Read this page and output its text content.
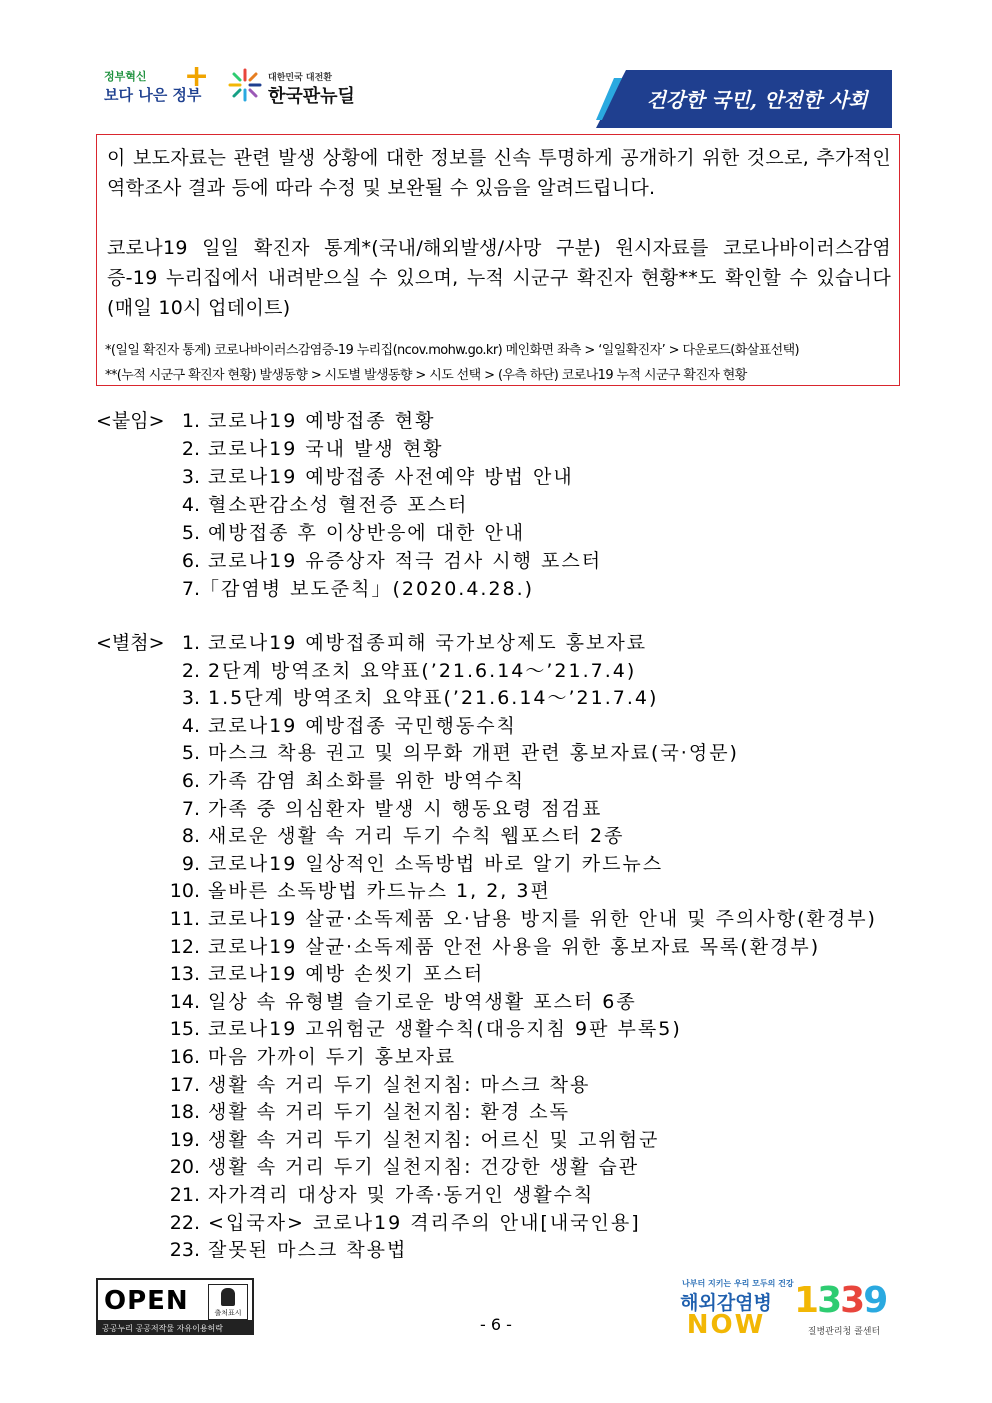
정부혁신
보다 나은 정부
+	대한민국 대전환
한국판뉴딜	건강한 국민, 안전한 사회

이 보도자료는 관련 발생 상황에 대한 정보를 신속 투명하게 공개하기 위한 것으로, 추가적인 역학조사 결과 등에 따라 수정 및 보완될 수 있음을 알려드립니다.

코로나19 일일 확진자 통계*(국내/해외발생/사망 구분) 원시자료를 코로나바이러스감염증-19 누리집에서 내려받으실 수 있으며, 누적 시군구 확진자 현황**도 확인할 수 있습니다(매일 10시 업데이트)

*(일일 확진자 통계) 코로나바이러스감염증-19 누리집(ncov.mohw.go.kr) 메인화면 좌측 > ‘일일확진자’ > 다운로드(화살표선택)
**(누적 시군구 확진자 현황) 발생동향 > 시도별 발생동향 > 시도 선택 > (우측 하단) 코로나19 누적 시군구 확진자 현황
<붙임> 1. 코로나19 예방접종 현황
2. 코로나19 국내 발생 현황
3. 코로나19 예방접종 사전예약 방법 안내
4. 혈소판감소성 혈전증 포스터
5. 예방접종 후 이상반응에 대한 안내
6. 코로나19 유증상자 적극 검사 시행 포스터
7.「감염병 보도준칙」(2020.4.28.)
<별첨> 1. 코로나19 예방접종피해 국가보상제도 홍보자료
2. 2단계 방역조치 요약표(’21.6.14～’21.7.4)
3. 1.5단계 방역조치 요약표(’21.6.14～’21.7.4)
4. 코로나19 예방접종 국민행동수칙
5. 마스크 착용 권고 및 의무화 개편 관련 홍보자료(국·영문)
6. 가족 감염 최소화를 위한 방역수칙
7. 가족 중 의심환자 발생 시 행동요령 점검표
8. 새로운 생활 속 거리 두기 수칙 웹포스터 2종
9. 코로나19 일상적인 소독방법 바로 알기 카드뉴스
10. 올바른 소독방법 카드뉴스 1, 2, 3편
11. 코로나19 살균·소독제품 오·남용 방지를 위한 안내 및 주의사항(환경부)
12. 코로나19 살균·소독제품 안전 사용을 위한 홍보자료 목록(환경부)
13. 코로나19 예방 손씻기 포스터
14. 일상 속 유형별 슬기로운 방역생활 포스터 6종
15. 코로나19 고위험군 생활수칙(대응지침 9판 부록5)
16. 마음 가까이 두기 홍보자료
17. 생활 속 거리 두기 실천지침: 마스크 착용
18. 생활 속 거리 두기 실천지침: 환경 소독
19. 생활 속 거리 두기 실천지침: 어르신 및 고위험군
20. 생활 속 거리 두기 실천지침: 건강한 생활 습관
21. 자가격리 대상자 및 가족·동거인 생활수칙
22. <입국자> 코로나19 격리주의 안내[내국인용]
23. 잘못된 마스크 착용법
OPEN	출처표시
공공누리 공공저작물 자유이용허락	- 6 -
나부터 지키는 우리 모두의 건강
해외감염병
NOW
1339
질병관리청 콜센터
